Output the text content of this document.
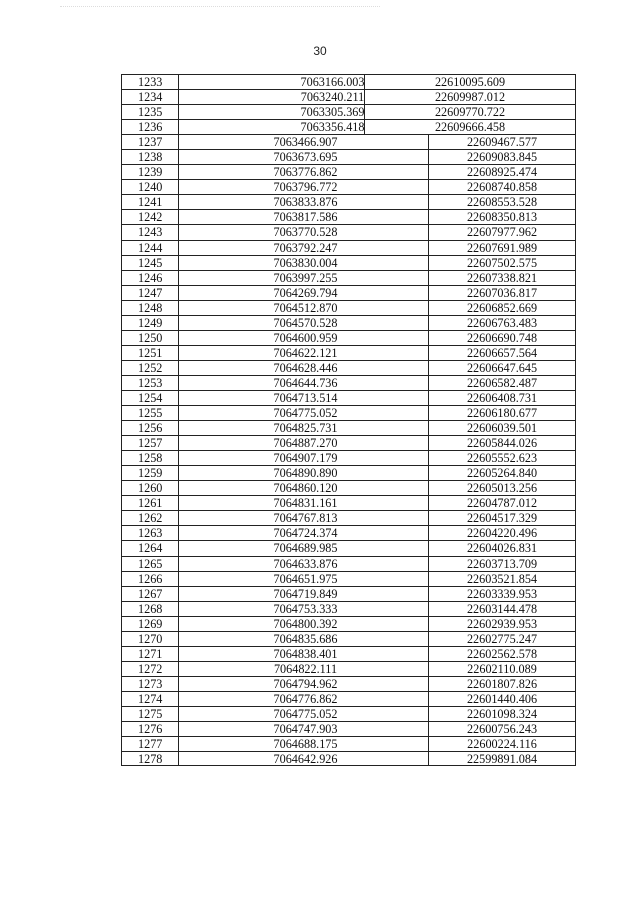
30
1233	7063166.003	22610095.609
1234	7063240.211	22609987.012
1235	7063305.369	22609770.722
1236	7063356.418	22609666.458
1237	7063466.907	22609467.577
1238	7063673.695	22609083.845
1239	7063776.862	22608925.474
1240	7063796.772	22608740.858
1241	7063833.876	22608553.528
1242	7063817.586	22608350.813
1243	7063770.528	22607977.962
1244	7063792.247	22607691.989
1245	7063830.004	22607502.575
1246	7063997.255	22607338.821
1247	7064269.794	22607036.817
1248	7064512.870	22606852.669
1249	7064570.528	22606763.483
1250	7064600.959	22606690.748
1251	7064622.121	22606657.564
1252	7064628.446	22606647.645
1253	7064644.736	22606582.487
1254	7064713.514	22606408.731
1255	7064775.052	22606180.677
1256	7064825.731	22606039.501
1257	7064887.270	22605844.026
1258	7064907.179	22605552.623
1259	7064890.890	22605264.840
1260	7064860.120	22605013.256
1261	7064831.161	22604787.012
1262	7064767.813	22604517.329
1263	7064724.374	22604220.496
1264	7064689.985	22604026.831
1265	7064633.876	22603713.709
1266	7064651.975	22603521.854
1267	7064719.849	22603339.953
1268	7064753.333	22603144.478
1269	7064800.392	22602939.953
1270	7064835.686	22602775.247
1271	7064838.401	22602562.578
1272	7064822.111	22602110.089
1273	7064794.962	22601807.826
1274	7064776.862	22601440.406
1275	7064775.052	22601098.324
1276	7064747.903	22600756.243
1277	7064688.175	22600224.116
1278	7064642.926	22599891.084
